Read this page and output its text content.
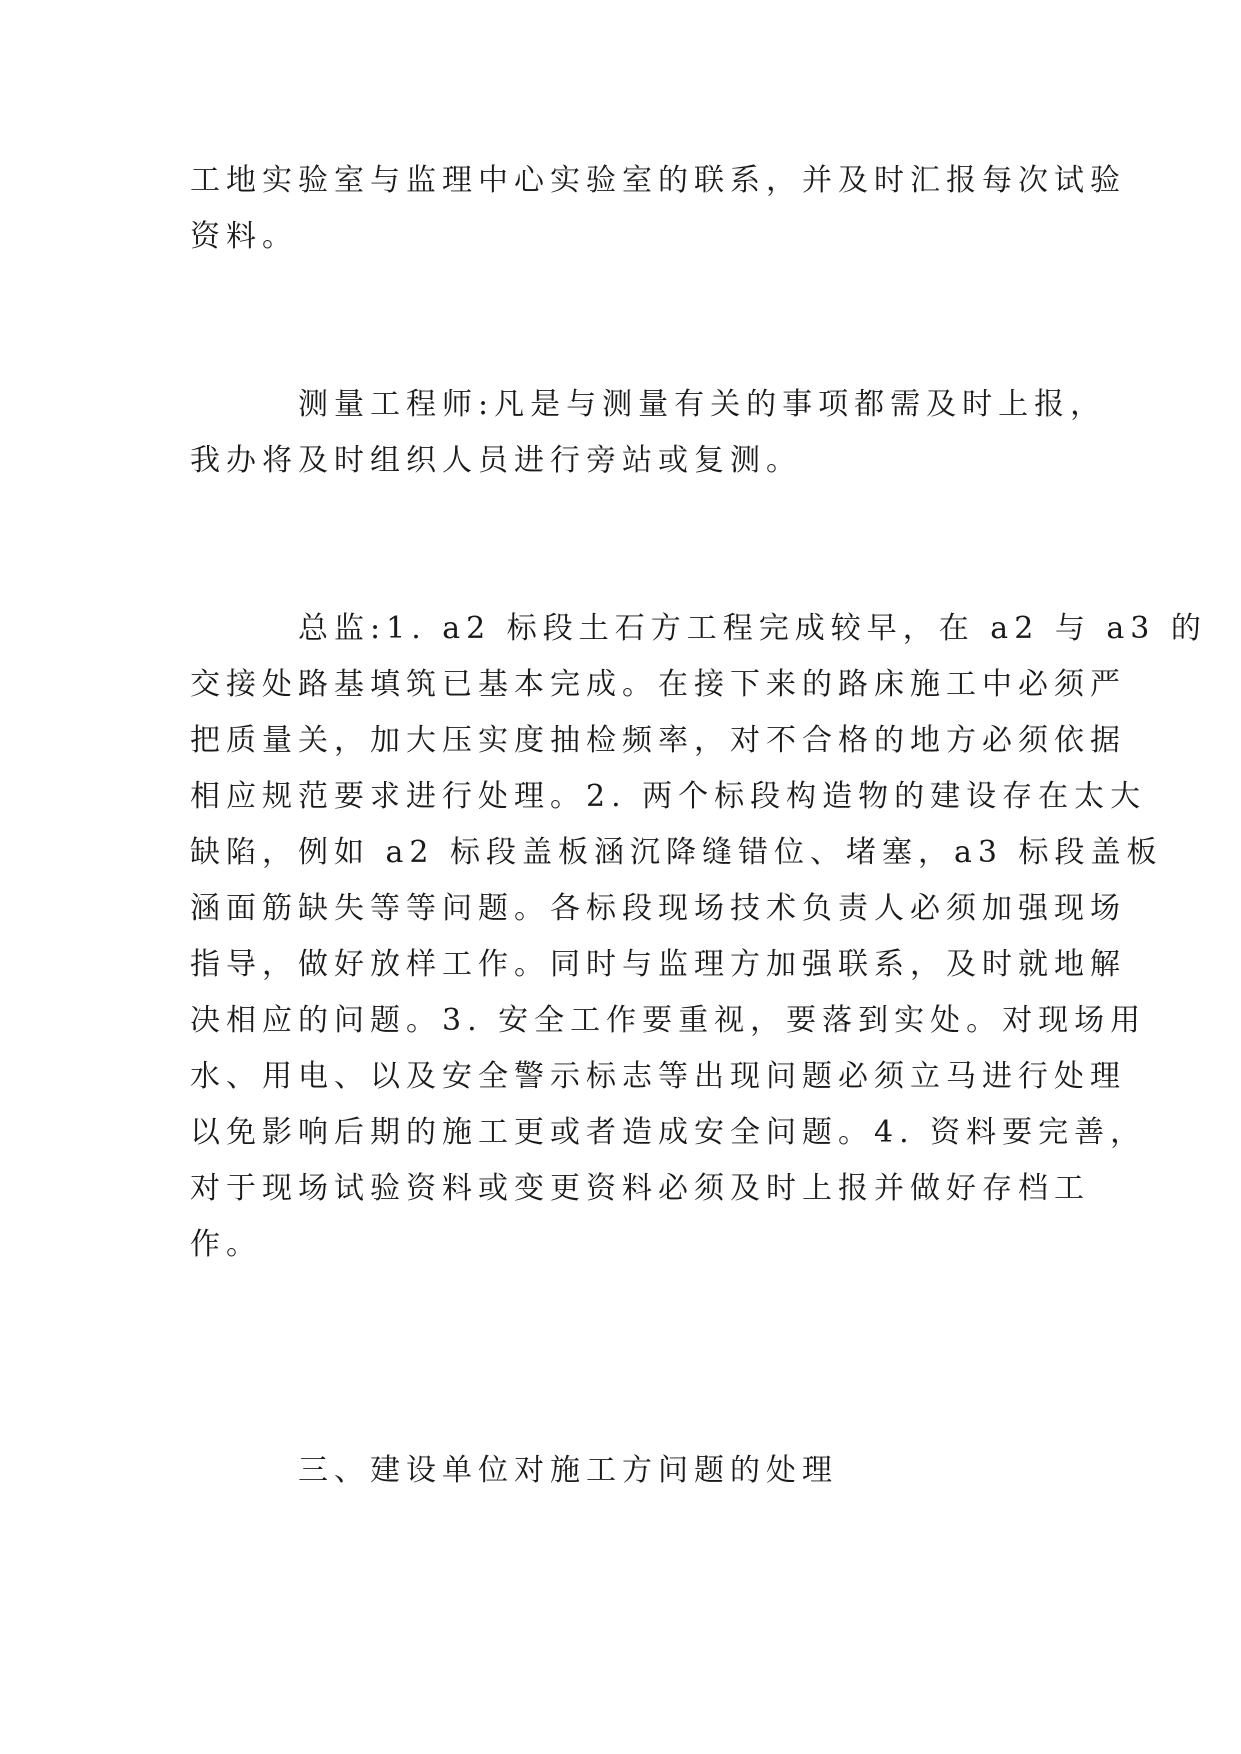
工地实验室与监理中心实验室的联系，并及时汇报每次试验
资料。
测量工程师:凡是与测量有关的事项都需及时上报，
我办将及时组织人员进行旁站或复测。
总监:1. a2 标段土石方工程完成较早，在 a2 与 a3 的
交接处路基填筑已基本完成。在接下来的路床施工中必须严
把质量关，加大压实度抽检频率，对不合格的地方必须依据
相应规范要求进行处理。2. 两个标段构造物的建设存在太大
缺陷，例如 a2 标段盖板涵沉降缝错位、堵塞，a3 标段盖板
涵面筋缺失等等问题。各标段现场技术负责人必须加强现场
指导，做好放样工作。同时与监理方加强联系，及时就地解
决相应的问题。3. 安全工作要重视，要落到实处。对现场用
水、用电、以及安全警示标志等出现问题必须立马进行处理
以免影响后期的施工更或者造成安全问题。4. 资料要完善，
对于现场试验资料或变更资料必须及时上报并做好存档工
作。
三、建设单位对施工方问题的处理
